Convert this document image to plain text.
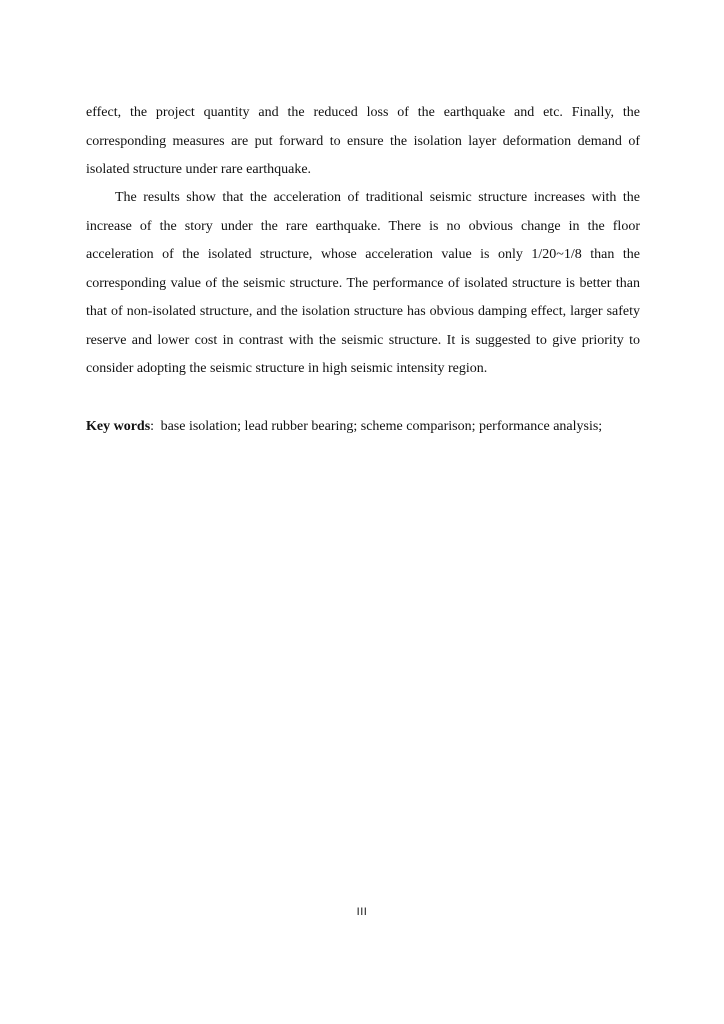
effect, the project quantity and the reduced loss of the earthquake and etc. Finally, the corresponding measures are put forward to ensure the isolation layer deformation demand of isolated structure under rare earthquake.

The results show that the acceleration of traditional seismic structure increases with the increase of the story under the rare earthquake. There is no obvious change in the floor acceleration of the isolated structure, whose acceleration value is only 1/20~1/8 than the corresponding value of the seismic structure. The performance of isolated structure is better than that of non-isolated structure, and the isolation structure has obvious damping effect, larger safety reserve and lower cost in contrast with the seismic structure. It is suggested to give priority to consider adopting the seismic structure in high seismic intensity region.

Key words: base isolation; lead rubber bearing; scheme comparison; performance analysis;
III
